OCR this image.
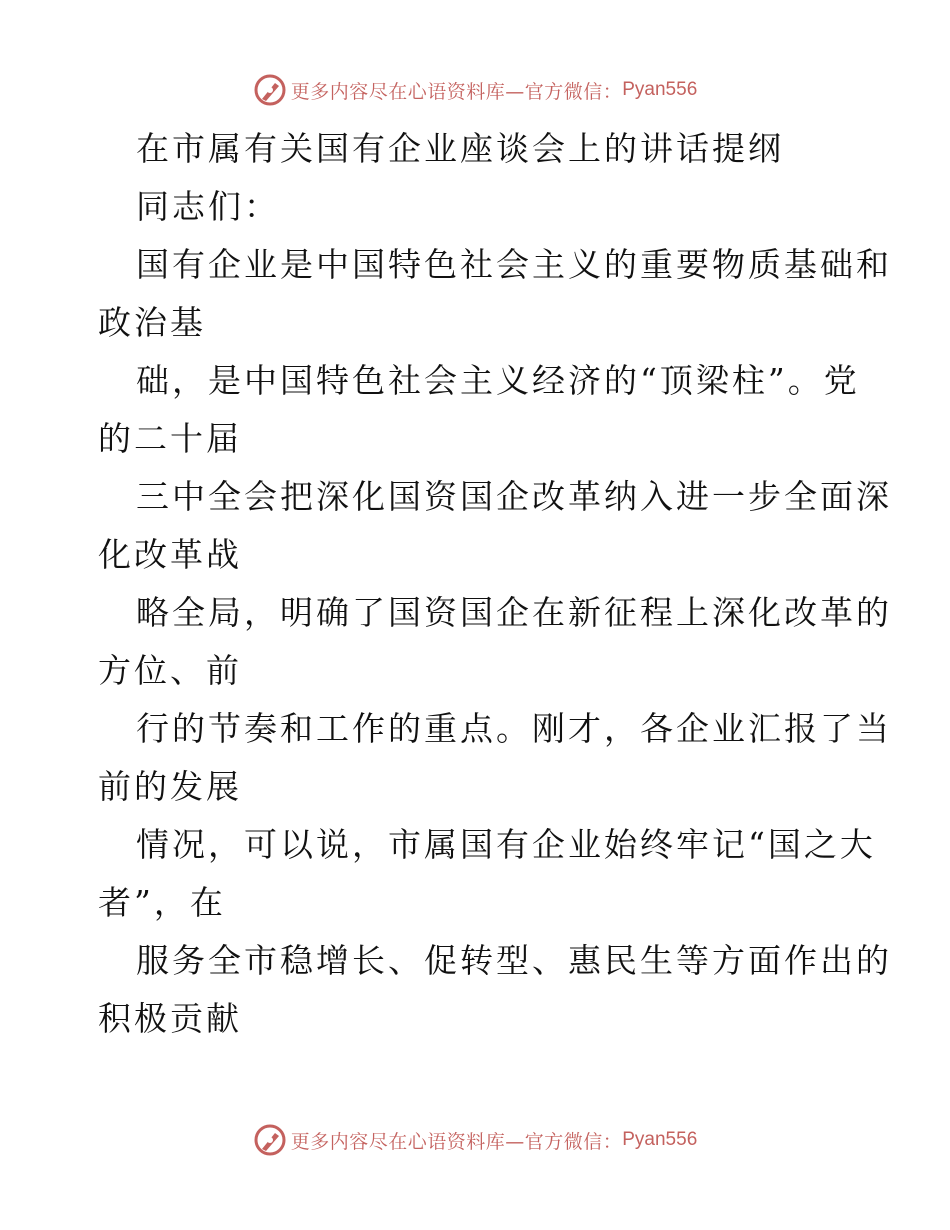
更多内容尽在心语资料库—官方微信： Pyan556
在市属有关国有企业座谈会上的讲话提纲
同志们：
国有企业是中国特色社会主义的重要物质基础和
政治基
础，是中国特色社会主义经济的“顶梁柱”。党
的二十届
三中全会把深化国资国企改革纳入进一步全面深
化改革战
略全局，明确了国资国企在新征程上深化改革的
方位、前
行的节奏和工作的重点。刚才，各企业汇报了当
前的发展
情况，可以说，市属国有企业始终牢记“国之大
者”，在
服务全市稳增长、促转型、惠民生等方面作出的
积极贡献
更多内容尽在心语资料库—官方微信： Pyan556
